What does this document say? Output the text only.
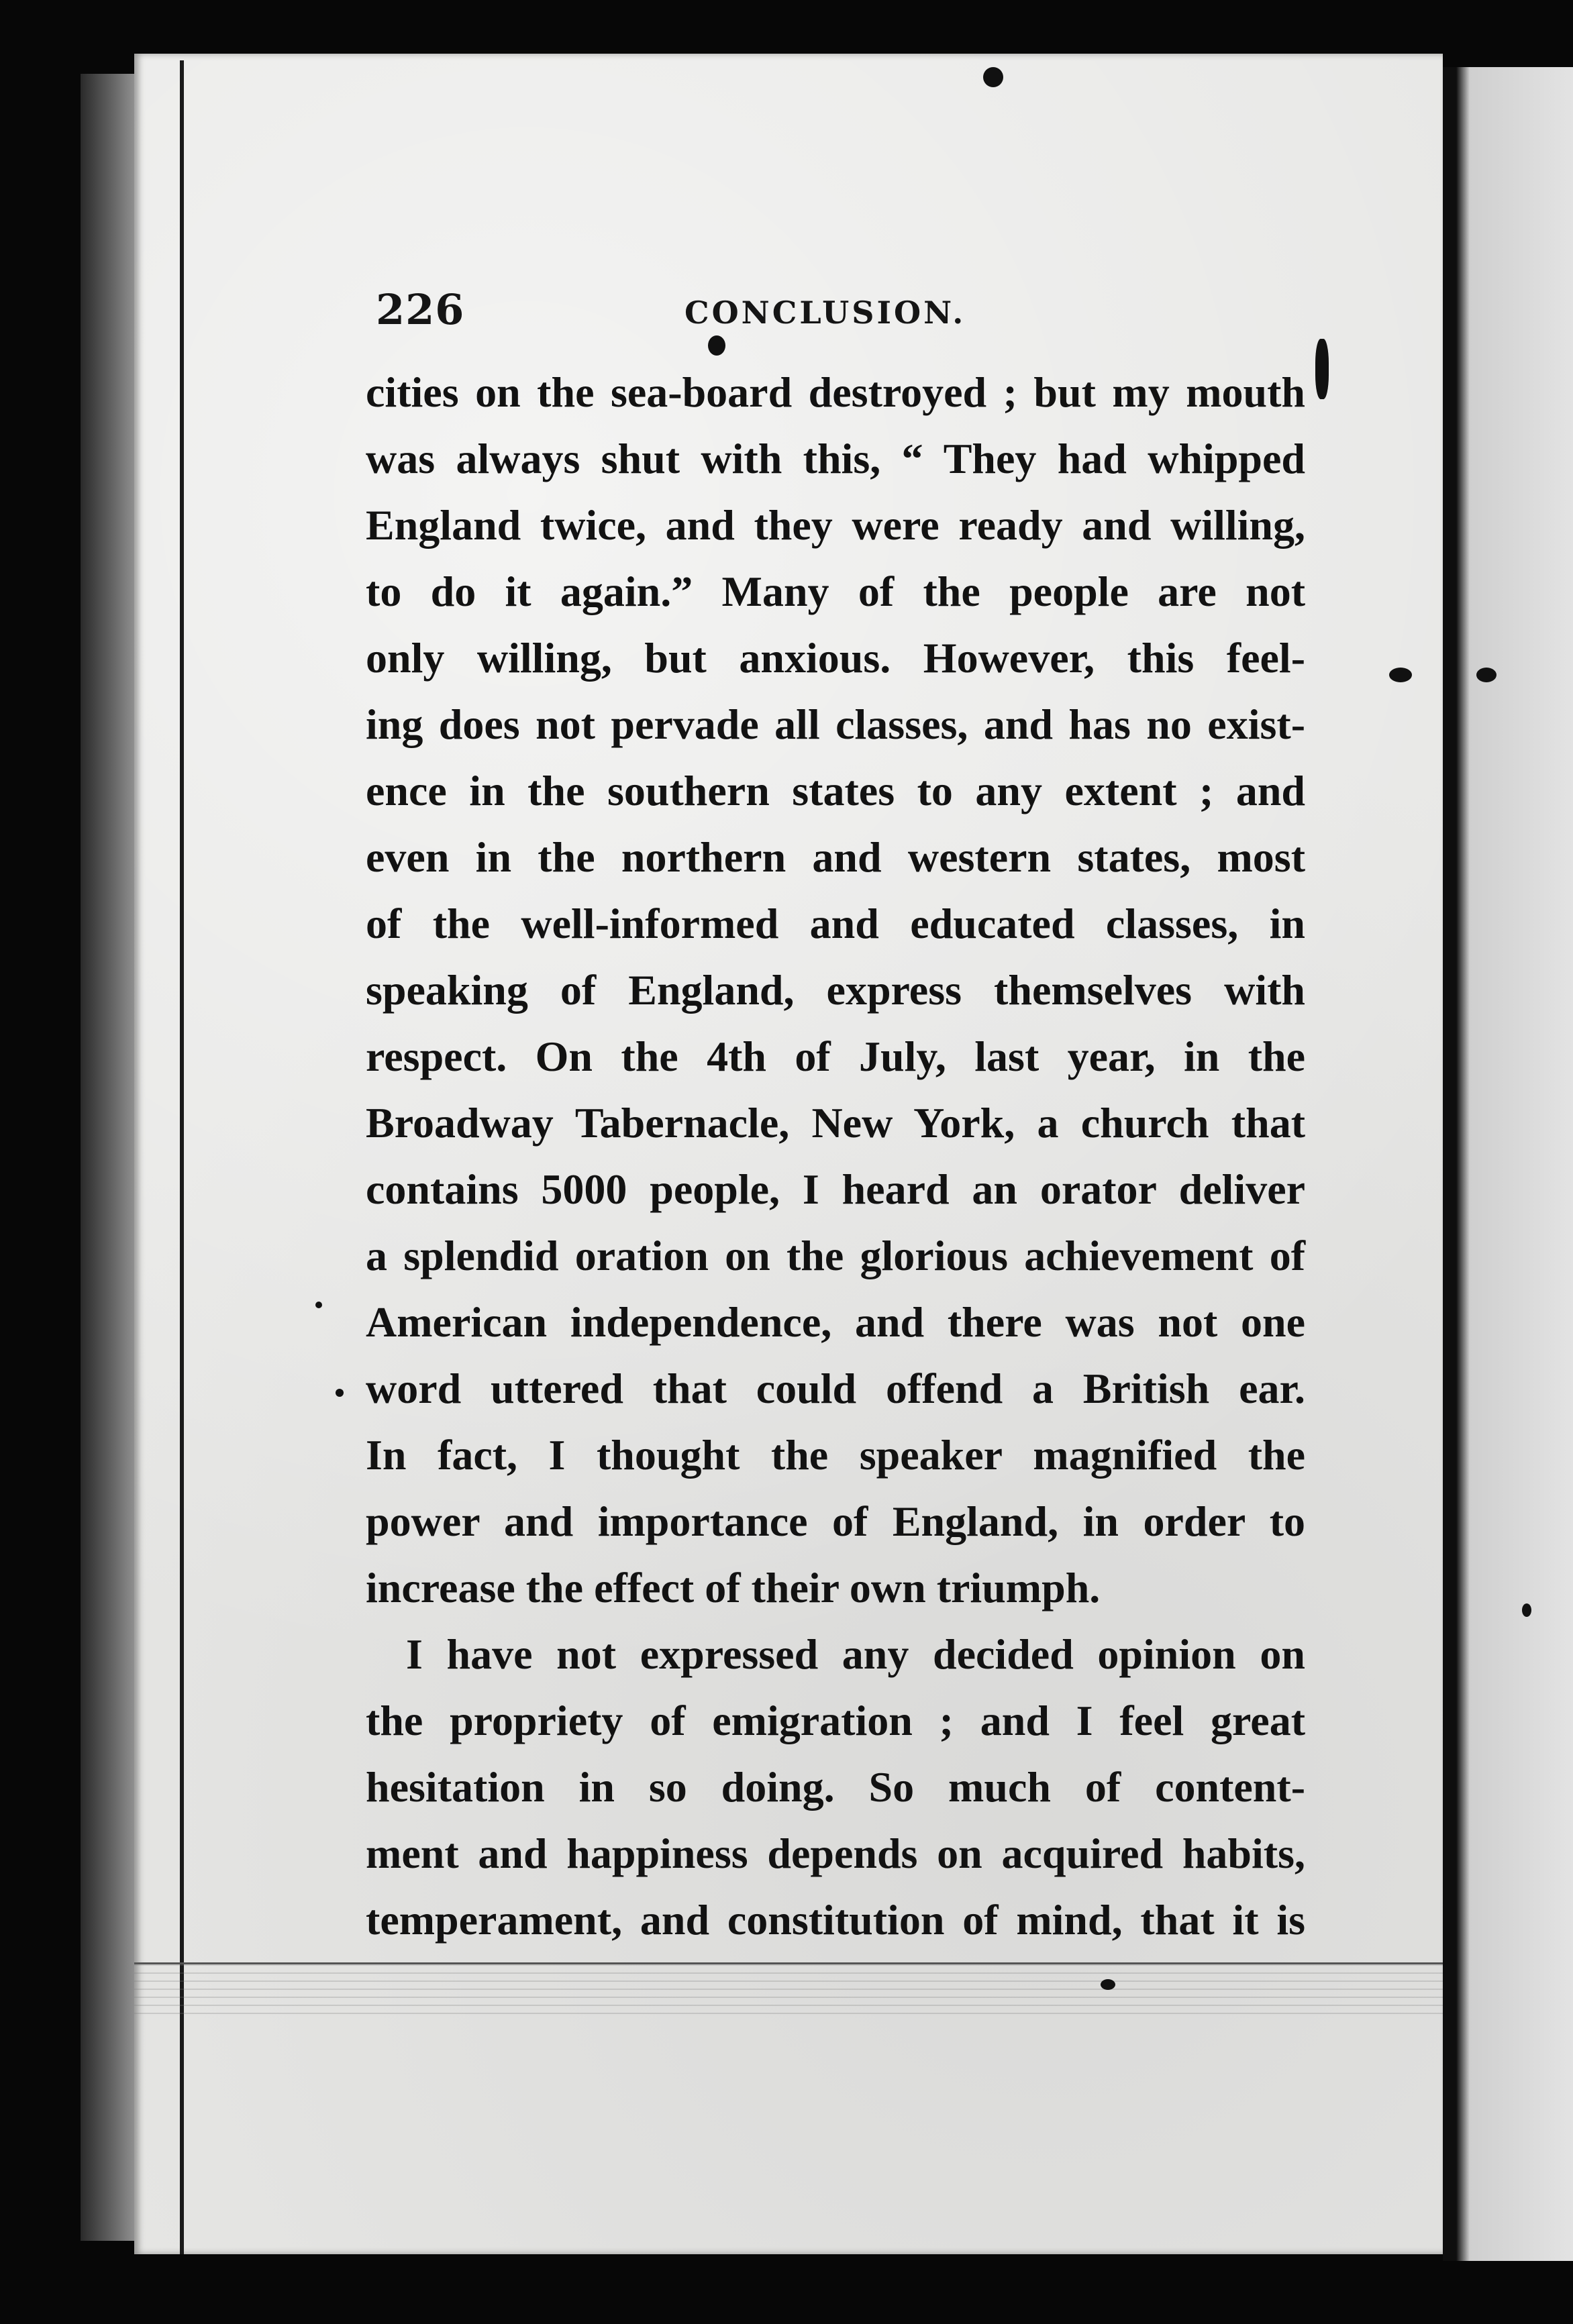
226	CONCLUSION.
cities on the sea-board destroyed ; but my mouth
was always shut with this, “ They had whipped
England twice, and they were ready and willing,
to do it again.” Many of the people are not
only willing, but anxious. However, this feel-
ing does not pervade all classes, and has no exist-
ence in the southern states to any extent ; and
even in the northern and western states, most
of the well-informed and educated classes, in
speaking of England, express themselves with
respect. On the 4th of July, last year, in the
Broadway Tabernacle, New York, a church that
contains 5000 people, I heard an orator deliver
a splendid oration on the glorious achievement of
American independence, and there was not one
word uttered that could offend a British ear.
In fact, I thought the speaker magnified the
power and importance of England, in order to
increase the effect of their own triumph.
I have not expressed any decided opinion on
the propriety of emigration ; and I feel great
hesitation in so doing. So much of content-
ment and happiness depends on acquired habits,
temperament, and constitution of mind, that it is
